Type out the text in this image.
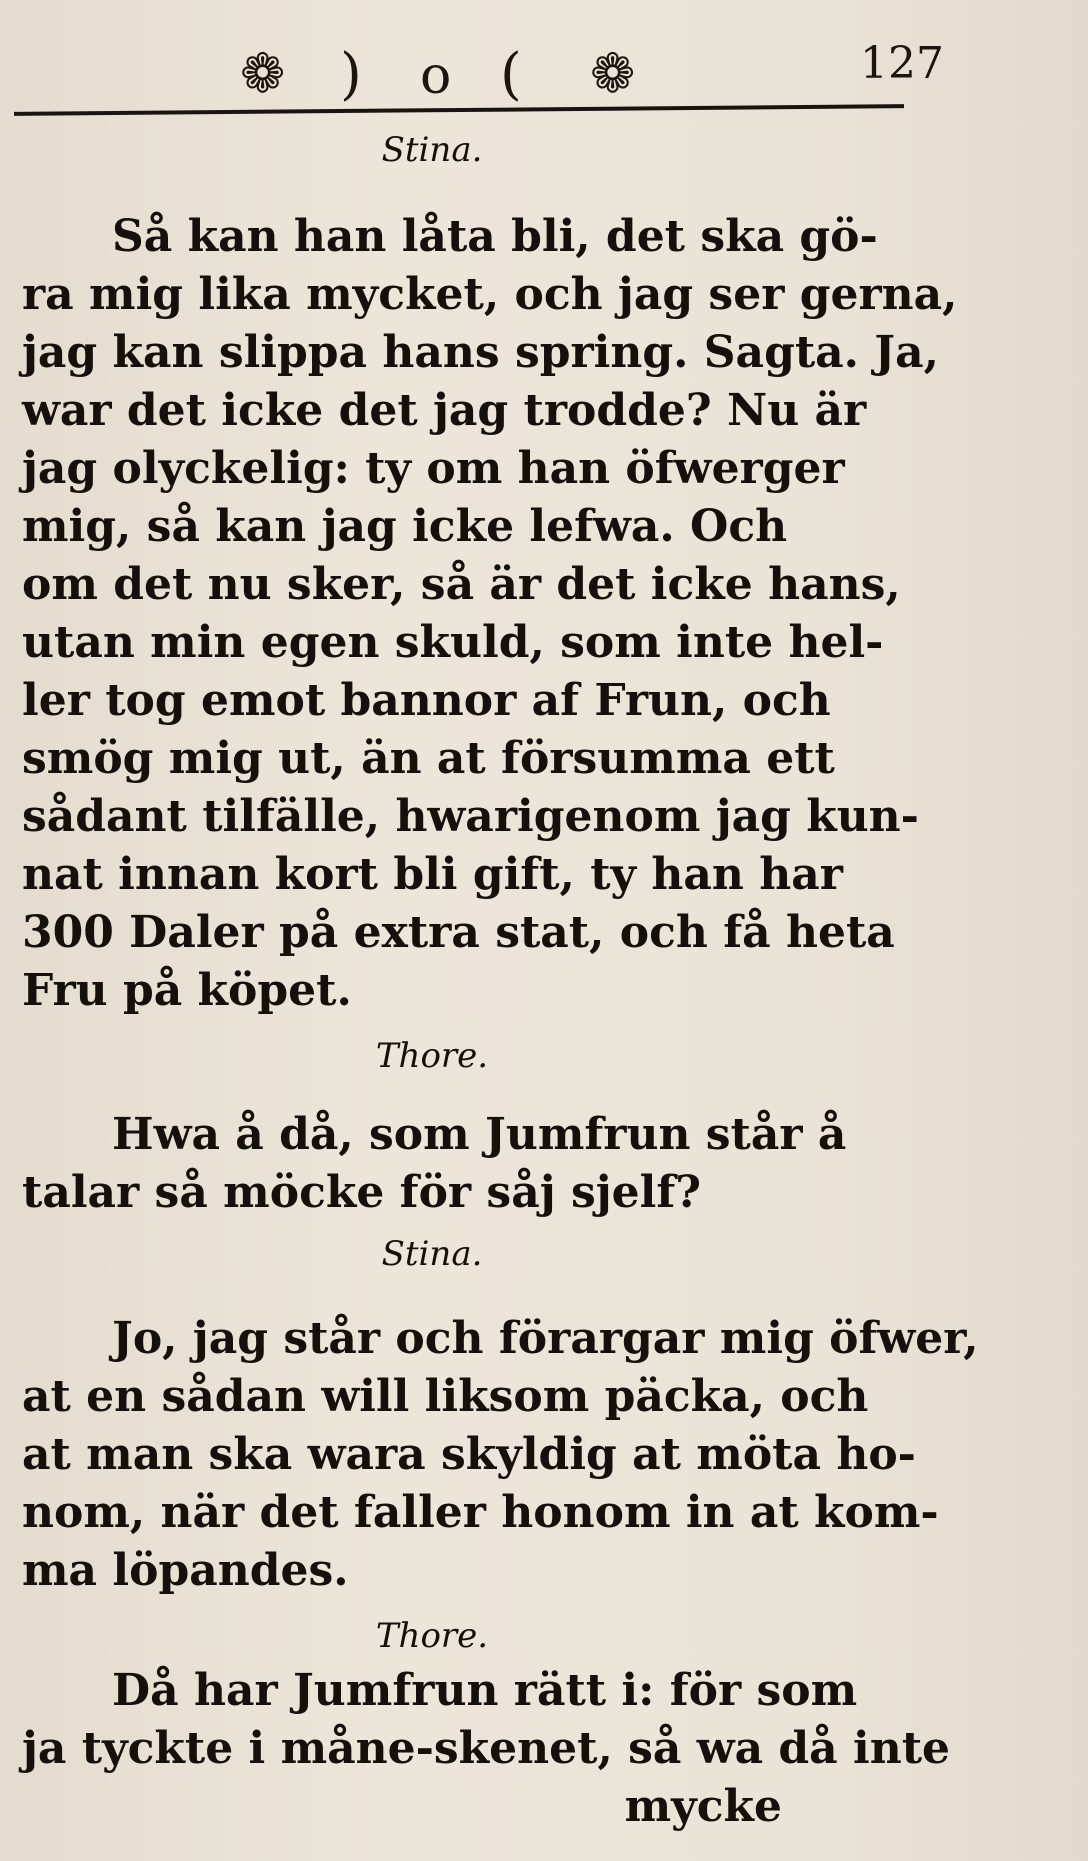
❁ ) o ( ❁	127

Stina.

Så kan han låta bli, det ska gö-
ra mig lika mycket, och jag ser gerna,
jag kan slippa hans spring. Sagta. Ja,
war det icke det jag trodde? Nu är
jag olyckelig: ty om han öfwerger
mig, så kan jag icke lefwa. Och
om det nu sker, så är det icke hans,
utan min egen skuld, som inte hel-
ler tog emot bannor af Frun, och
smög mig ut, än at försumma ett
sådant tilfälle, hwarigenom jag kun-
nat innan kort bli gift, ty han har
300 Daler på extra stat, och få heta
Fru på köpet.

Thore.

Hwa å då, som Jumfrun står å
talar så möcke för såj sjelf?

Stina.

Jo, jag står och förargar mig öfwer,
at en sådan will liksom päcka, och
at man ska wara skyldig at möta ho-
nom, när det faller honom in at kom-
ma löpandes.

Thore.

Då har Jumfrun rätt i: för som
ja tyckte i måne-skenet, så wa då inte
mycke
